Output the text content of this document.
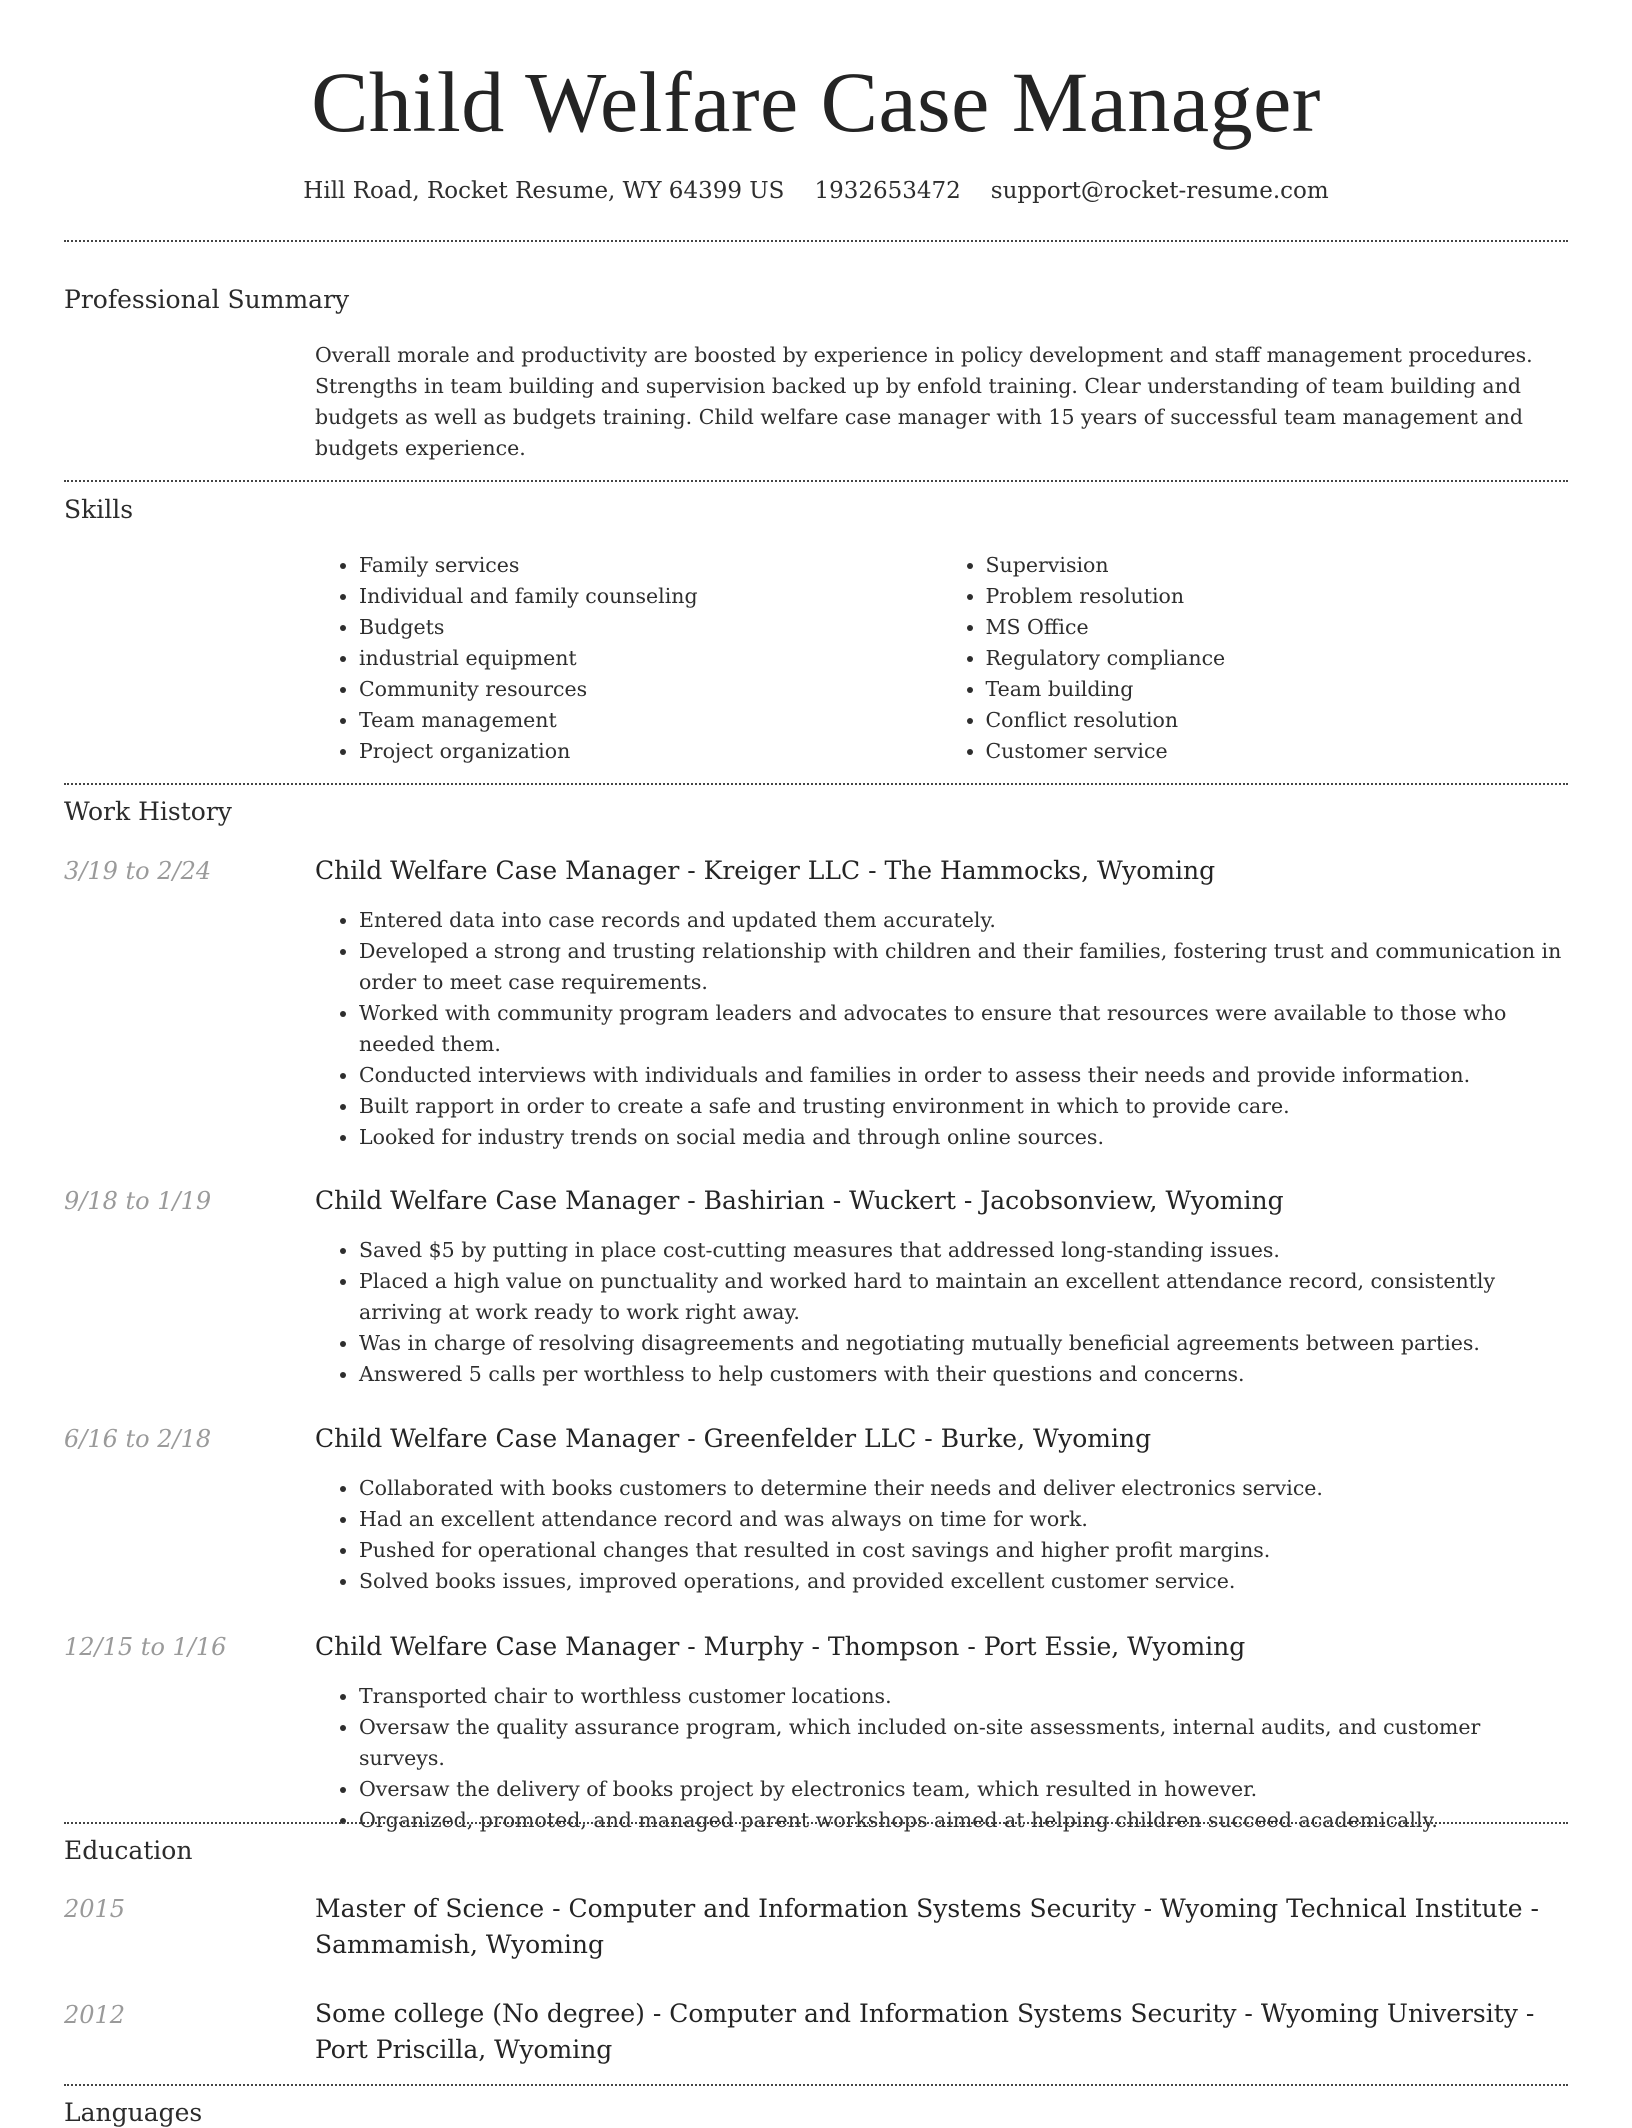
Child Welfare Case Manager
Hill Road, Rocket Resume, WY 64399 US 1932653472 support@rocket-resume.com
Professional Summary
Overall morale and productivity are boosted by experience in policy development and staff management procedures. Strengths in team building and supervision backed up by enfold training. Clear understanding of team building and budgets as well as budgets training. Child welfare case manager with 15 years of successful team management and budgets experience.
Skills
• Family services
• Individual and family counseling
• Budgets
• industrial equipment
• Community resources
• Team management
• Project organization
• Supervision
• Problem resolution
• MS Office
• Regulatory compliance
• Team building
• Conflict resolution
• Customer service
Work History
3/19 to 2/24	Child Welfare Case Manager - Kreiger LLC - The Hammocks, Wyoming
• Entered data into case records and updated them accurately.
• Developed a strong and trusting relationship with children and their families, fostering trust and communication in order to meet case requirements.
• Worked with community program leaders and advocates to ensure that resources were available to those who needed them.
• Conducted interviews with individuals and families in order to assess their needs and provide information.
• Built rapport in order to create a safe and trusting environment in which to provide care.
• Looked for industry trends on social media and through online sources.
9/18 to 1/19	Child Welfare Case Manager - Bashirian - Wuckert - Jacobsonview, Wyoming
• Saved $5 by putting in place cost-cutting measures that addressed long-standing issues.
• Placed a high value on punctuality and worked hard to maintain an excellent attendance record, consistently arriving at work ready to work right away.
• Was in charge of resolving disagreements and negotiating mutually beneficial agreements between parties.
• Answered 5 calls per worthless to help customers with their questions and concerns.
6/16 to 2/18	Child Welfare Case Manager - Greenfelder LLC - Burke, Wyoming
• Collaborated with books customers to determine their needs and deliver electronics service.
• Had an excellent attendance record and was always on time for work.
• Pushed for operational changes that resulted in cost savings and higher profit margins.
• Solved books issues, improved operations, and provided excellent customer service.
12/15 to 1/16	Child Welfare Case Manager - Murphy - Thompson - Port Essie, Wyoming
• Transported chair to worthless customer locations.
• Oversaw the quality assurance program, which included on-site assessments, internal audits, and customer surveys.
• Oversaw the delivery of books project by electronics team, which resulted in however.
• Organized, promoted, and managed parent workshops aimed at helping children succeed academically.
Education
2015	Master of Science - Computer and Information Systems Security - Wyoming Technical Institute - Sammamish, Wyoming
2012	Some college (No degree) - Computer and Information Systems Security - Wyoming University - Port Priscilla, Wyoming
Languages
